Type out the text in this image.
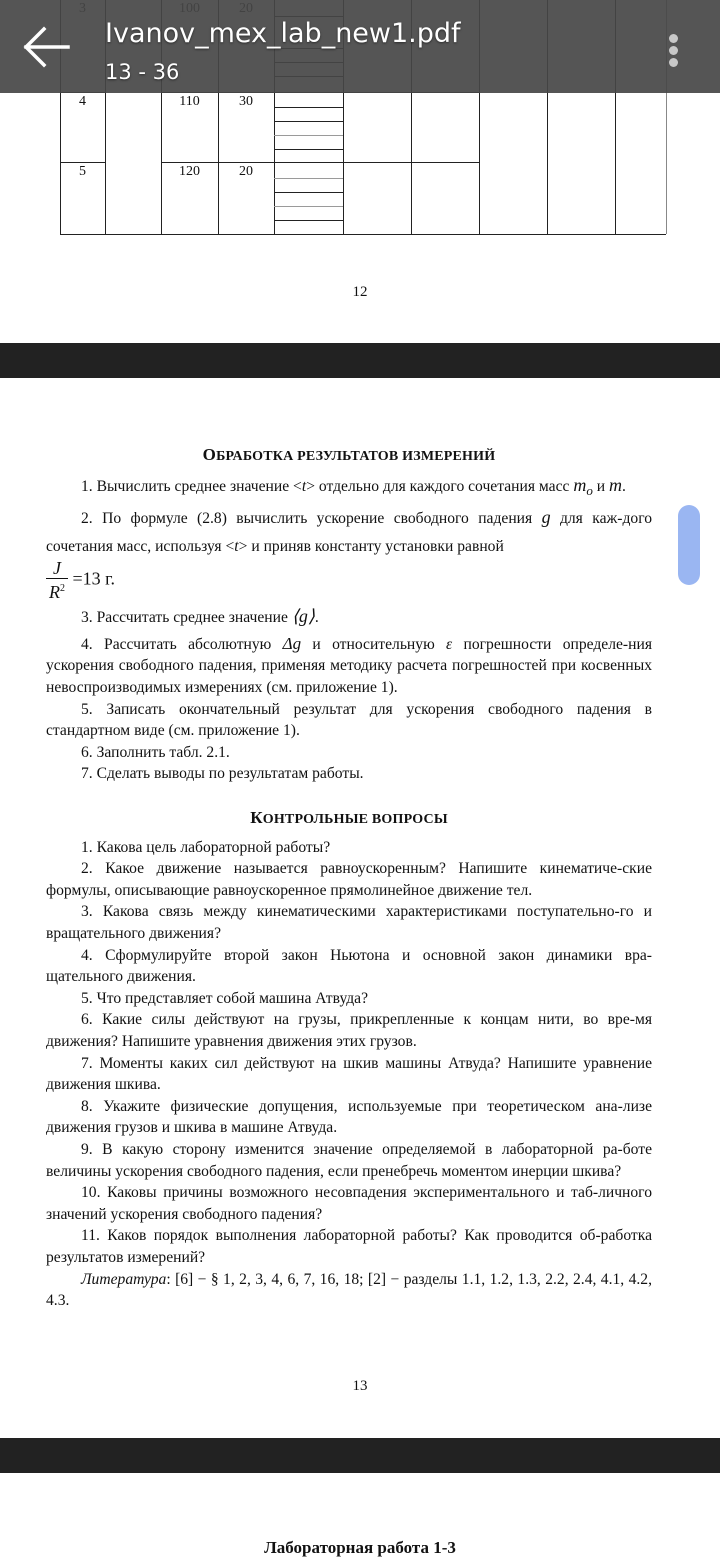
4	110	30
5	120	20
12
ОБРАБОТКА РЕЗУЛЬТАТОВ ИЗМЕРЕНИЙ

1. Вычислить среднее значение <t> отдельно для каждого сочетания масс $m_o$ и m.

2. По формуле (2.8) вычислить ускорение свободного падения g для каж-дого сочетания масс, используя <t> и приняв константу установки равной

$\frac{J}{R^2} =13$ г.

3. Рассчитать среднее значение ⟨g⟩.

4. Рассчитать абсолютную Δg и относительную ε погрешности определе-ния ускорения свободного падения, применяя методику расчета погрешностей при косвенных невоспроизводимых измерениях (см. приложение 1).

5. Записать окончательный результат для ускорения свободного падения в стандартном виде (см. приложение 1).

6. Заполнить табл. 2.1.

7. Сделать выводы по результатам работы.

КОНТРОЛЬНЫЕ ВОПРОСЫ

1. Какова цель лабораторной работы?

2. Какое движение называется равноускоренным? Напишите кинематиче-ские формулы, описывающие равноускоренное прямолинейное движение тел.

3. Какова связь между кинематическими характеристиками поступательно-го и вращательного движения?

4. Сформулируйте второй закон Ньютона и основной закон динамики вра-щательного движения.

5. Что представляет собой машина Атвуда?

6. Какие силы действуют на грузы, прикрепленные к концам нити, во вре-мя движения? Напишите уравнения движения этих грузов.

7. Моменты каких сил действуют на шкив машины Атвуда? Напишите уравнение движения шкива.

8. Укажите физические допущения, используемые при теоретическом ана-лизе движения грузов и шкива в машине Атвуда.

9. В какую сторону изменится значение определяемой в лабораторной ра-боте величины ускорения свободного падения, если пренебречь моментом инерции шкива?

10. Каковы причины возможного несовпадения экспериментального и таб-личного значений ускорения свободного падения?

11. Каков порядок выполнения лабораторной работы? Как проводится об-работка результатов измерений?

Литература: [6] − § 1, 2, 3, 4, 6, 7, 16, 18; [2] − разделы 1.1, 1.2, 1.3, 2.2, 2.4, 4.1, 4.2, 4.3.

13
Лабораторная работа 1-3
Ivanov_mex_lab_new1.pdf
13 - 36
